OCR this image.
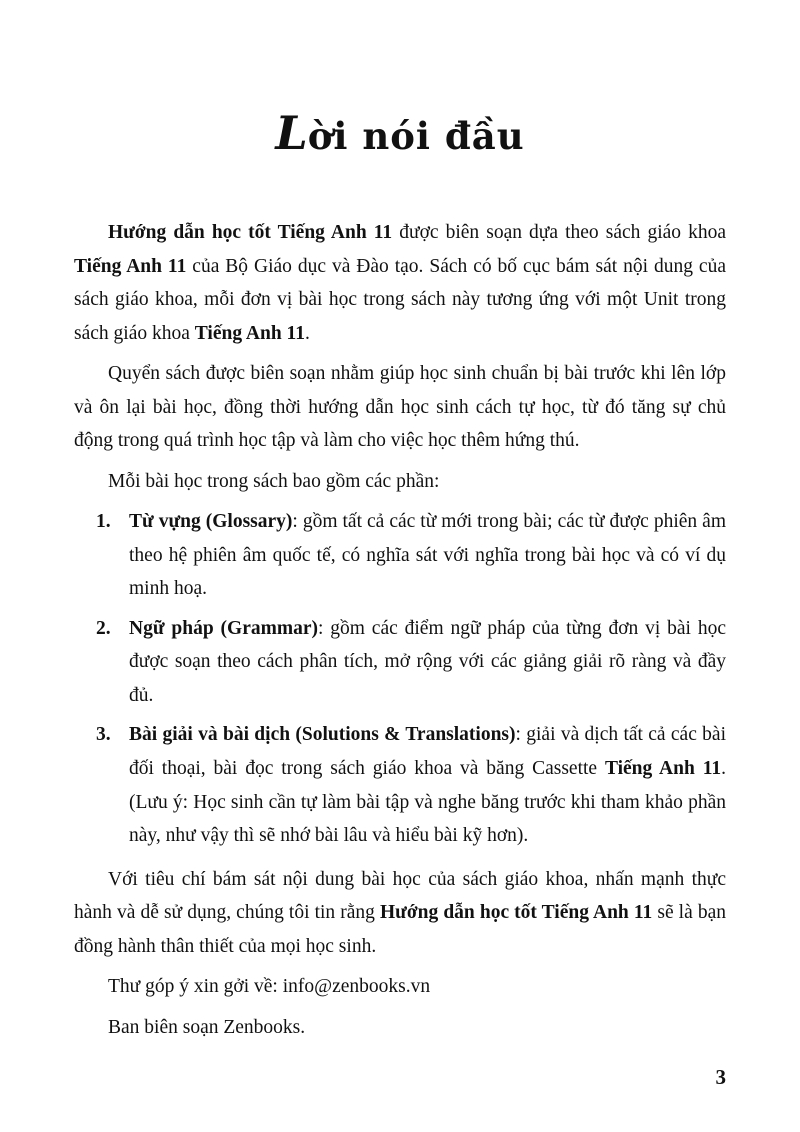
Lời nói đầu

Hướng dẫn học tốt Tiếng Anh 11 được biên soạn dựa theo sách giáo khoa Tiếng Anh 11 của Bộ Giáo dục và Đào tạo. Sách có bố cục bám sát nội dung của sách giáo khoa, mỗi đơn vị bài học trong sách này tương ứng với một Unit trong sách giáo khoa Tiếng Anh 11.

Quyển sách được biên soạn nhằm giúp học sinh chuẩn bị bài trước khi lên lớp và ôn lại bài học, đồng thời hướng dẫn học sinh cách tự học, từ đó tăng sự chủ động trong quá trình học tập và làm cho việc học thêm hứng thú.

Mỗi bài học trong sách bao gồm các phần:

1. Từ vựng (Glossary): gồm tất cả các từ mới trong bài; các từ được phiên âm theo hệ phiên âm quốc tế, có nghĩa sát với nghĩa trong bài học và có ví dụ minh hoạ.
2. Ngữ pháp (Grammar): gồm các điểm ngữ pháp của từng đơn vị bài học được soạn theo cách phân tích, mở rộng với các giảng giải rõ ràng và đầy đủ.
3. Bài giải và bài dịch (Solutions & Translations): giải và dịch tất cả các bài đối thoại, bài đọc trong sách giáo khoa và băng Cassette Tiếng Anh 11. (Lưu ý: Học sinh cần tự làm bài tập và nghe băng trước khi tham khảo phần này, như vậy thì sẽ nhớ bài lâu và hiểu bài kỹ hơn).

Với tiêu chí bám sát nội dung bài học của sách giáo khoa, nhấn mạnh thực hành và dễ sử dụng, chúng tôi tin rằng Hướng dẫn học tốt Tiếng Anh 11 sẽ là bạn đồng hành thân thiết của mọi học sinh.

Thư góp ý xin gởi về: info@zenbooks.vn

Ban biên soạn Zenbooks.

3
